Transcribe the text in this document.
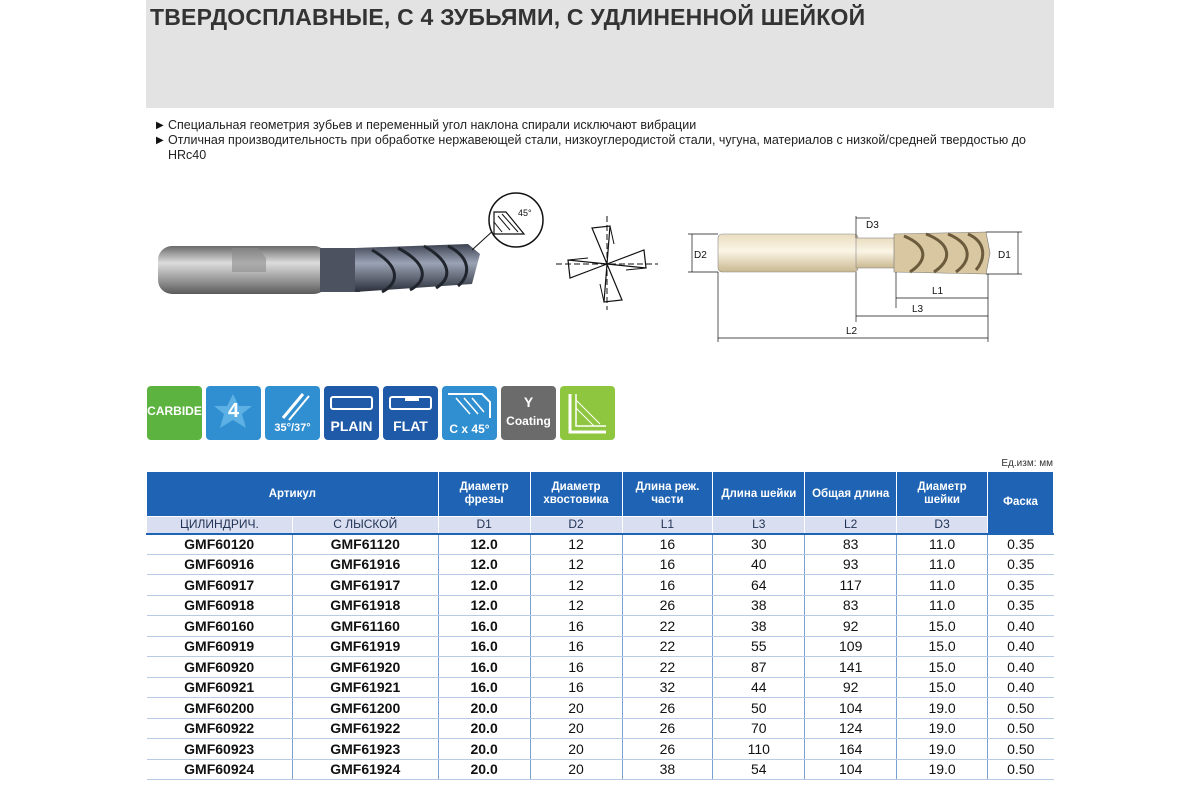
ТВЕРДОСПЛАВНЫЕ, С 4 ЗУБЬЯМИ, С УДЛИНЕННОЙ ШЕЙКОЙ
▶ Специальная геометрия зубьев и переменный угол наклона спирали исключают вибрации
▶ Отличная производительность при обработке нержавеющей стали, низкоуглеродистой стали, чугуна, материалов с низкой/средней твердостью до HRc40
45°
D2	D1
D3
L1
L3
L2
CARBIDE	4
35°/37°	PLAIN	FLAT	C x 45°
Y
Coating
Ед.изм: мм
Артикул		Диаметр фрезы	Диаметр хвостовика	Длина реж. части	Длина шейки	Общая длина	Диаметр шейки	Фаска
ЦИЛИНДРИЧ.	С ЛЫСКОЙ	D1	D2	L1	L3	L2	D3	
GMF60120	GMF61120	12.0	12	16	30	83	11.0	0.35
GMF60916	GMF61916	12.0	12	16	40	93	11.0	0.35
GMF60917	GMF61917	12.0	12	16	64	117	11.0	0.35
GMF60918	GMF61918	12.0	12	26	38	83	11.0	0.35
GMF60160	GMF61160	16.0	16	22	38	92	15.0	0.40
GMF60919	GMF61919	16.0	16	22	55	109	15.0	0.40
GMF60920	GMF61920	16.0	16	22	87	141	15.0	0.40
GMF60921	GMF61921	16.0	16	32	44	92	15.0	0.40
GMF60200	GMF61200	20.0	20	26	50	104	19.0	0.50
GMF60922	GMF61922	20.0	20	26	70	124	19.0	0.50
GMF60923	GMF61923	20.0	20	26	110	164	19.0	0.50
GMF60924	GMF61924	20.0	20	38	54	104	19.0	0.50
